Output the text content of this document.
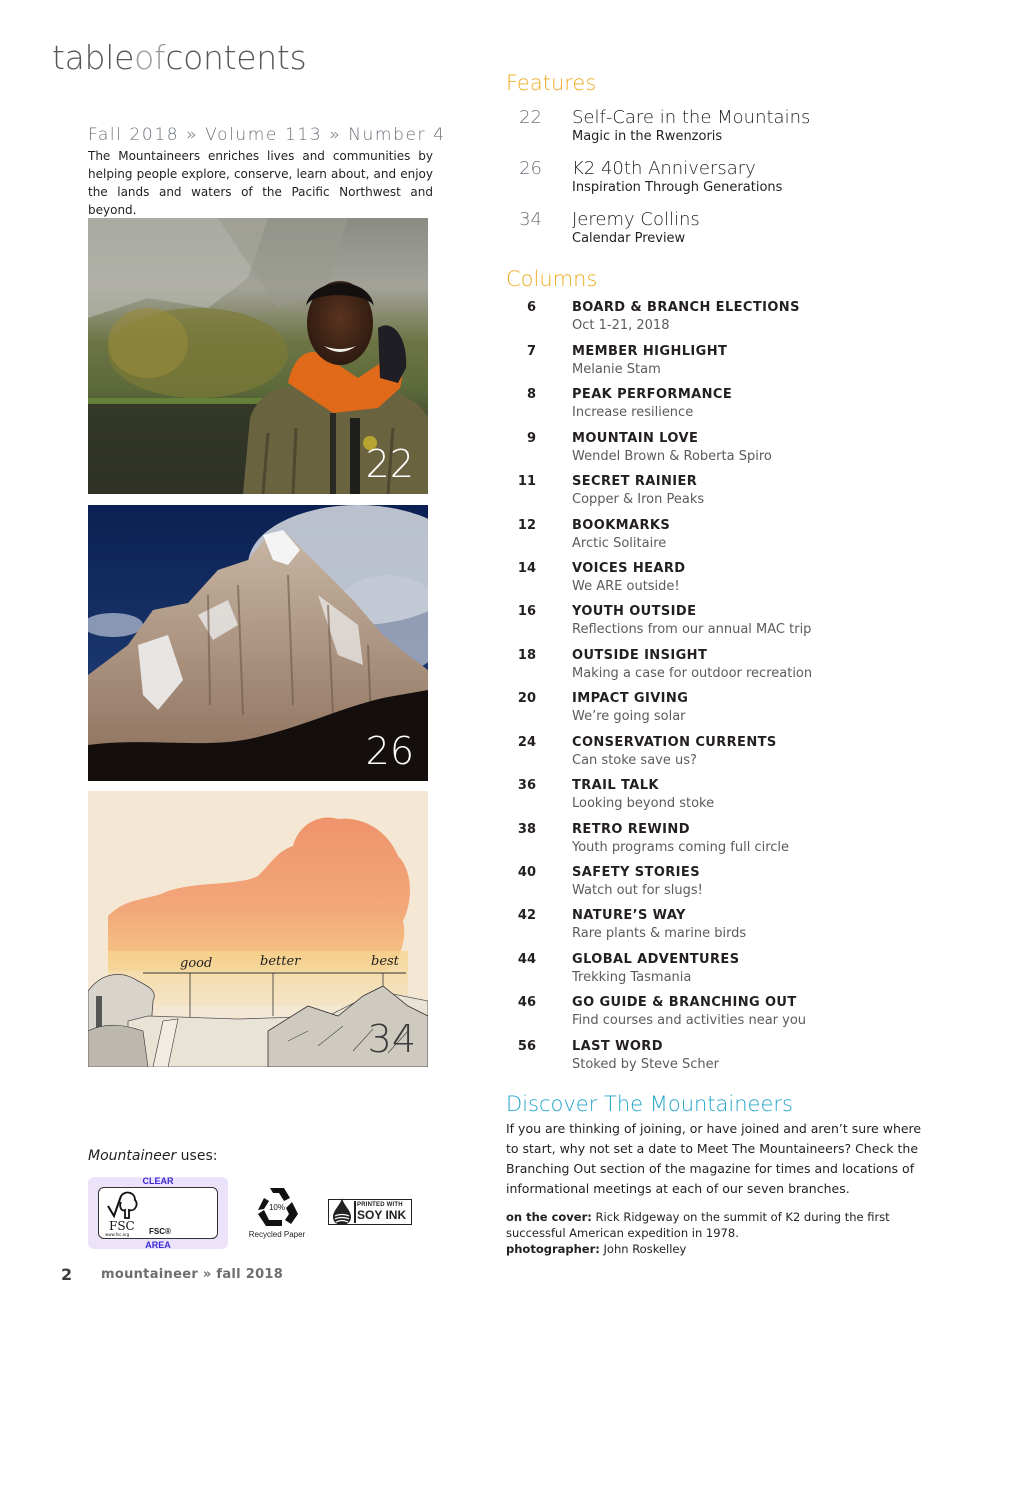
tableofcontents
Fall 2018 » Volume 113 » Number 4
The Mountaineers enriches lives and communities by helping people explore, conserve, learn about, and enjoy the lands and waters of the Pacific Northwest and beyond.
22
26
good	better	best
34
Mountaineer uses:
CLEAR
FSC
www.fsc.org FSC®
AREA
10%
Recycled Paper
PRINTED WITH
SOY INK
2 mountaineer » fall 2018
Features
22 Self-Care in the Mountains
Magic in the Rwenzoris
26 K2 40th Anniversary
Inspiration Through Generations
34 Jeremy Collins
Calendar Preview
Columns
6	BOARD & BRANCH ELECTIONS
Oct 1-21, 2018
7	MEMBER HIGHLIGHT
Melanie Stam
8	PEAK PERFORMANCE
Increase resilience
9	MOUNTAIN LOVE
Wendel Brown & Roberta Spiro
11	SECRET RAINIER
Copper & Iron Peaks
12	BOOKMARKS
Arctic Solitaire
14	VOICES HEARD
We ARE outside!
16	YOUTH OUTSIDE
Reflections from our annual MAC trip
18	OUTSIDE INSIGHT
Making a case for outdoor recreation
20	IMPACT GIVING
We’re going solar
24	CONSERVATION CURRENTS
Can stoke save us?
36	TRAIL TALK
Looking beyond stoke
38	RETRO REWIND
Youth programs coming full circle
40	SAFETY STORIES
Watch out for slugs!
42	NATURE’S WAY
Rare plants & marine birds
44	GLOBAL ADVENTURES
Trekking Tasmania
46	GO GUIDE & BRANCHING OUT
Find courses and activities near you
56	LAST WORD
Stoked by Steve Scher
Discover The Mountaineers
If you are thinking of joining, or have joined and aren’t sure where to start, why not set a date to Meet The Mountaineers? Check the Branching Out section of the magazine for times and locations of informational meetings at each of our seven branches.
on the cover: Rick Ridgeway on the summit of K2 during the first successful American expedition in 1978.
photographer: John Roskelley
